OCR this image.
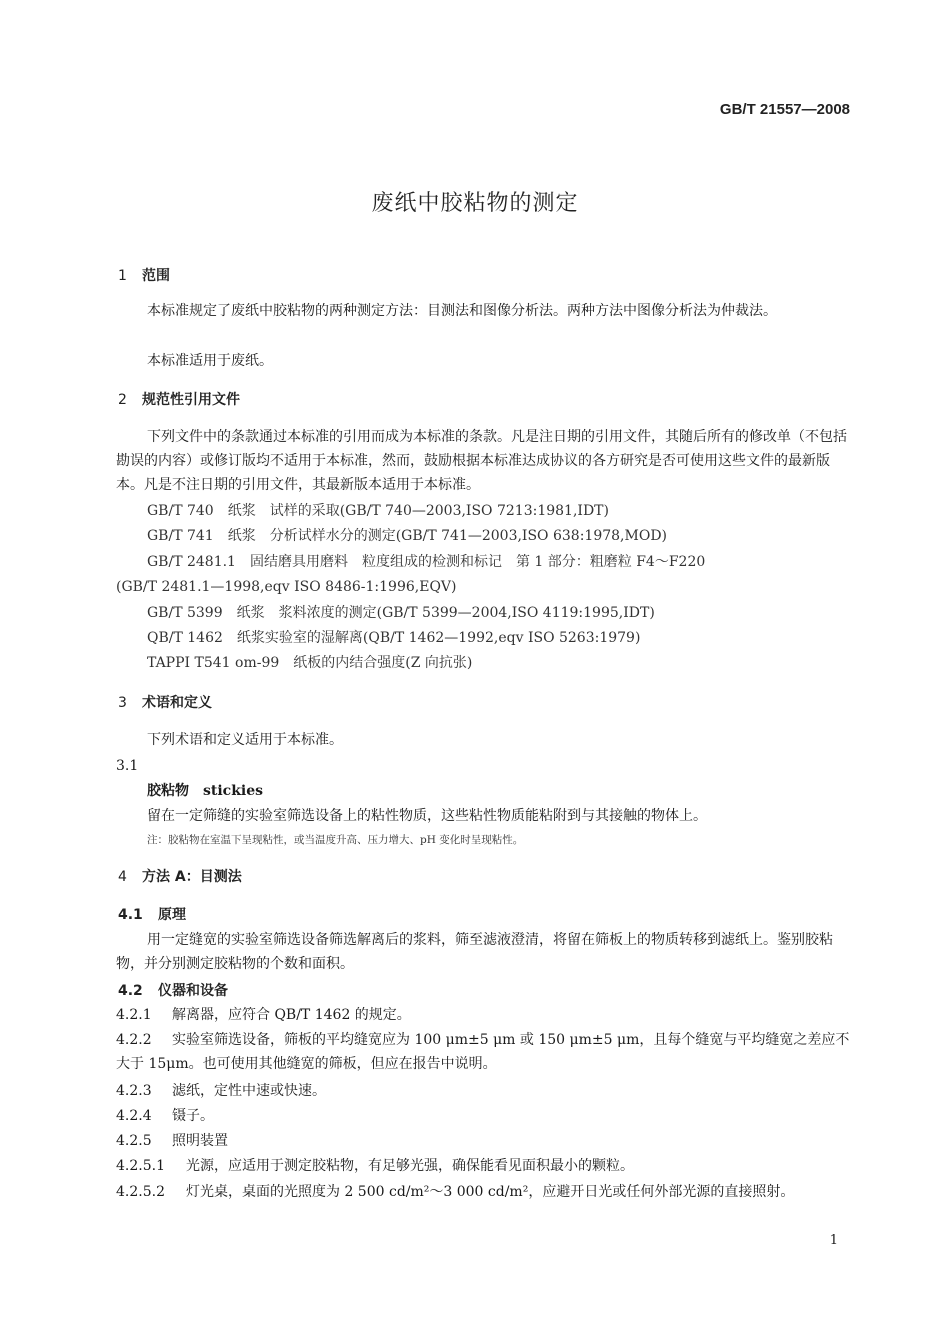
GB/T 21557—2008
废纸中胶粘物的测定
1 范围
本标准规定了废纸中胶粘物的两种测定方法：目测法和图像分析法。两种方法中图像分析法为仲裁法。
本标准适用于废纸。
2 规范性引用文件
下列文件中的条款通过本标准的引用而成为本标准的条款。凡是注日期的引用文件，其随后所有的修改单（不包括勘误的内容）或修订版均不适用于本标准，然而，鼓励根据本标准达成协议的各方研究是否可使用这些文件的最新版本。凡是不注日期的引用文件，其最新版本适用于本标准。
GB/T 740　纸浆　试样的采取(GB/T 740—2003,ISO 7213:1981,IDT)
GB/T 741　纸浆　分析试样水分的测定(GB/T 741—2003,ISO 638:1978,MOD)
GB/T 2481.1　固结磨具用磨料　粒度组成的检测和标记　第 1 部分：粗磨粒 F4～F220
(GB/T 2481.1—1998,eqv ISO 8486-1:1996,EQV)
GB/T 5399　纸浆　浆料浓度的测定(GB/T 5399—2004,ISO 4119:1995,IDT)
QB/T 1462　纸浆实验室的湿解离(QB/T 1462—1992,eqv ISO 5263:1979)
TAPPI T541 om-99　纸板的内结合强度(Z 向抗张)
3 术语和定义
下列术语和定义适用于本标准。
3.1
胶粘物　stickies
留在一定筛缝的实验室筛选设备上的粘性物质，这些粘性物质能粘附到与其接触的物体上。
注：胶粘物在室温下呈现粘性，或当温度升高、压力增大、pH 变化时呈现粘性。
4 方法 A：目测法
4.1 原理
用一定缝宽的实验室筛选设备筛选解离后的浆料，筛至滤液澄清，将留在筛板上的物质转移到滤纸上。鉴别胶粘物，并分别测定胶粘物的个数和面积。
4.2 仪器和设备
4.2.1 解离器，应符合 QB/T 1462 的规定。
4.2.2 实验室筛选设备，筛板的平均缝宽应为 100 μm±5 μm 或 150 μm±5 μm，且每个缝宽与平均缝宽之差应不大于 15μm。也可使用其他缝宽的筛板，但应在报告中说明。
4.2.3 滤纸，定性中速或快速。
4.2.4 镊子。
4.2.5 照明装置
4.2.5.1 光源，应适用于测定胶粘物，有足够光强，确保能看见面积最小的颗粒。
4.2.5.2 灯光桌，桌面的光照度为 2 500 cd/m²～3 000 cd/m²，应避开日光或任何外部光源的直接照射。
1
